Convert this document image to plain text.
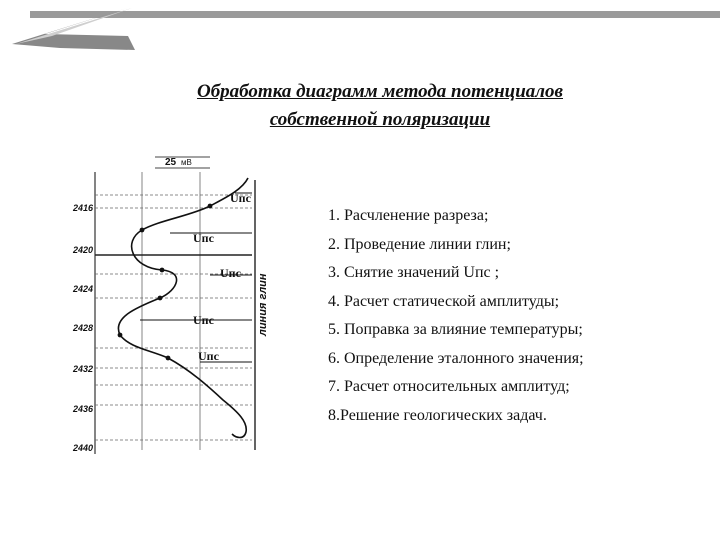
Обработка диаграмм метода потенциалов
собственной поляризации
25 мВ
2416
2420
2424
2428
2432
2436
2440
Uпс
Uпс
Uпс
Uпс
Uпс
линия глин
1. Расчленение разреза;
2. Проведение линии глин;
3. Снятие значений Uпс ;
4. Расчет статической амплитуды;
5. Поправка за влияние температуры;
6. Определение эталонного значения;
7. Расчет относительных амплитуд;
8.Решение геологических задач.
